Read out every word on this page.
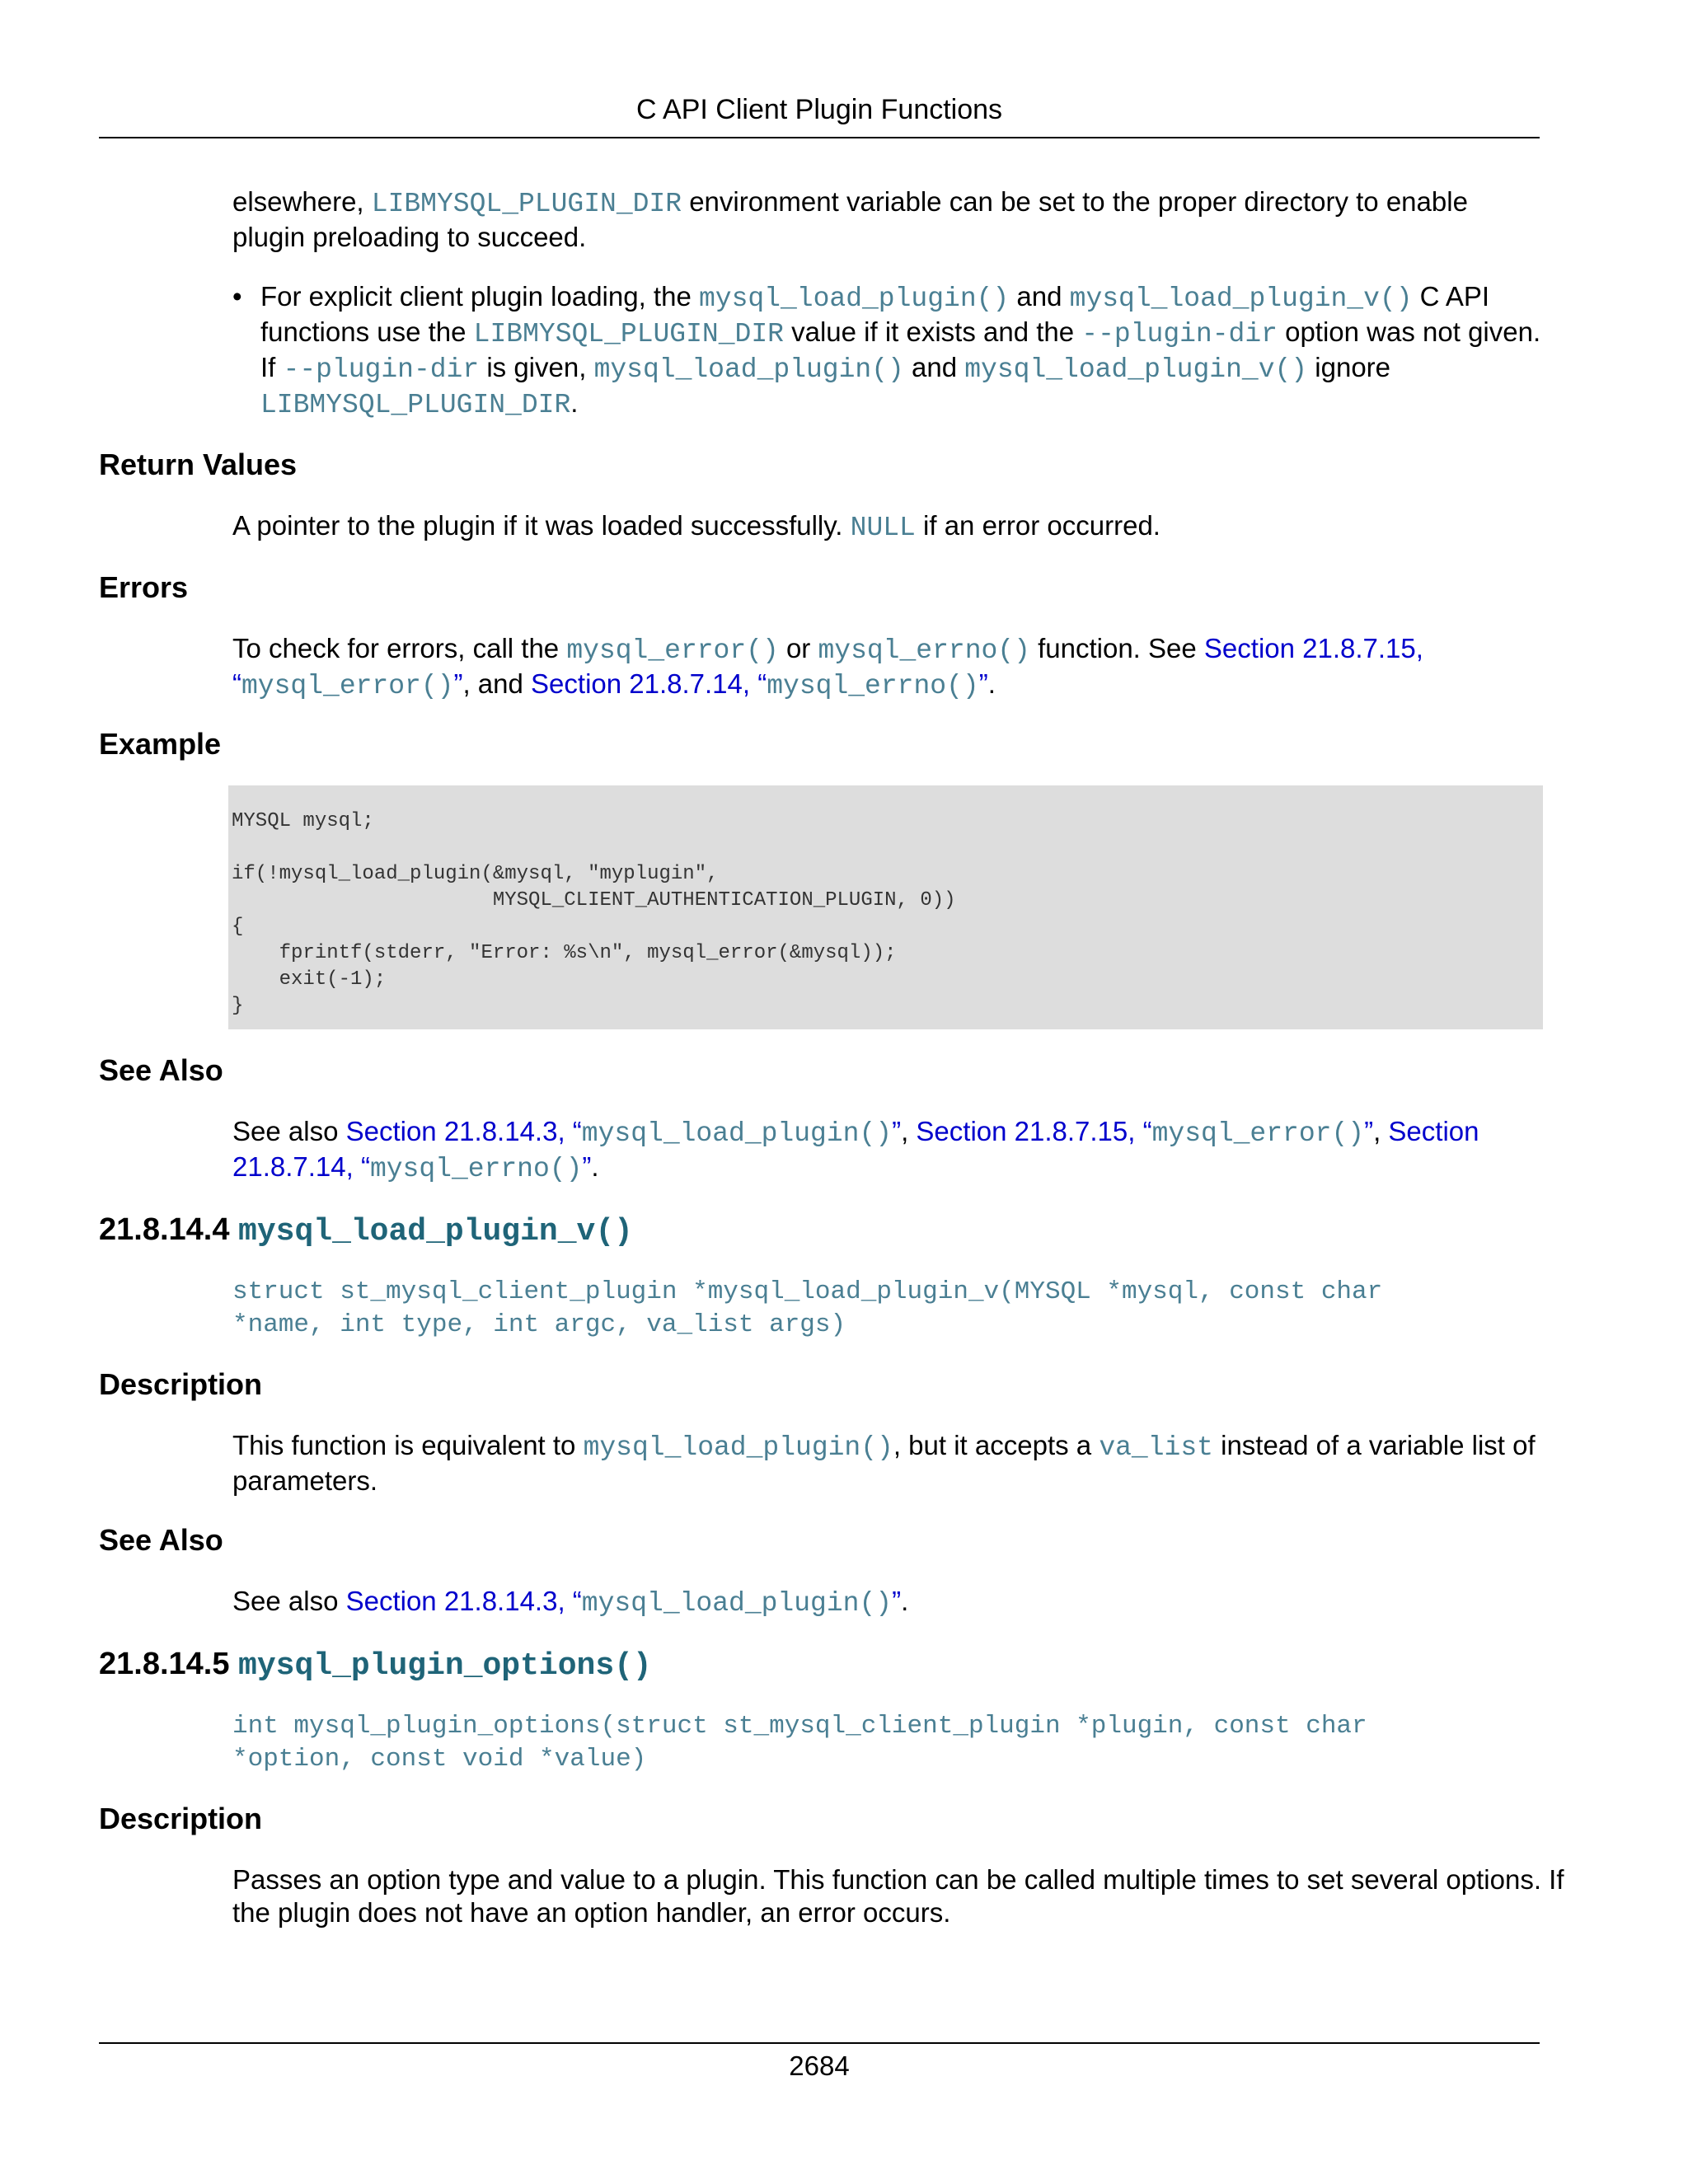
C API Client Plugin Functions

elsewhere, LIBMYSQL_PLUGIN_DIR environment variable can be set to the proper directory to enable plugin preloading to succeed.

• For explicit client plugin loading, the mysql_load_plugin() and mysql_load_plugin_v() C API functions use the LIBMYSQL_PLUGIN_DIR value if it exists and the --plugin-dir option was not given. If --plugin-dir is given, mysql_load_plugin() and mysql_load_plugin_v() ignore LIBMYSQL_PLUGIN_DIR.
Return Values

A pointer to the plugin if it was loaded successfully. NULL if an error occurred.

Errors

To check for errors, call the mysql_error() or mysql_errno() function. See Section 21.8.7.15, “mysql_error()”, and Section 21.8.7.14, “mysql_errno()”.

Example
MYSQL mysql;

if(!mysql_load_plugin(&mysql, "myplugin",
MYSQL_CLIENT_AUTHENTICATION_PLUGIN, 0))
{
fprintf(stderr, "Error: %s\n", mysql_error(&mysql));
exit(-1);
}
See Also

See also Section 21.8.14.3, “mysql_load_plugin()”, Section 21.8.7.15, “mysql_error()”, Section 21.8.7.14, “mysql_errno()”.

21.8.14.4 mysql_load_plugin_v()
struct st_mysql_client_plugin *mysql_load_plugin_v(MYSQL *mysql, const char
*name, int type, int argc, va_list args)
Description

This function is equivalent to mysql_load_plugin(), but it accepts a va_list instead of a variable list of parameters.

See Also

See also Section 21.8.14.3, “mysql_load_plugin()”.

21.8.14.5 mysql_plugin_options()
int mysql_plugin_options(struct st_mysql_client_plugin *plugin, const char
*option, const void *value)
Description

Passes an option type and value to a plugin. This function can be called multiple times to set several options. If the plugin does not have an option handler, an error occurs.

2684
